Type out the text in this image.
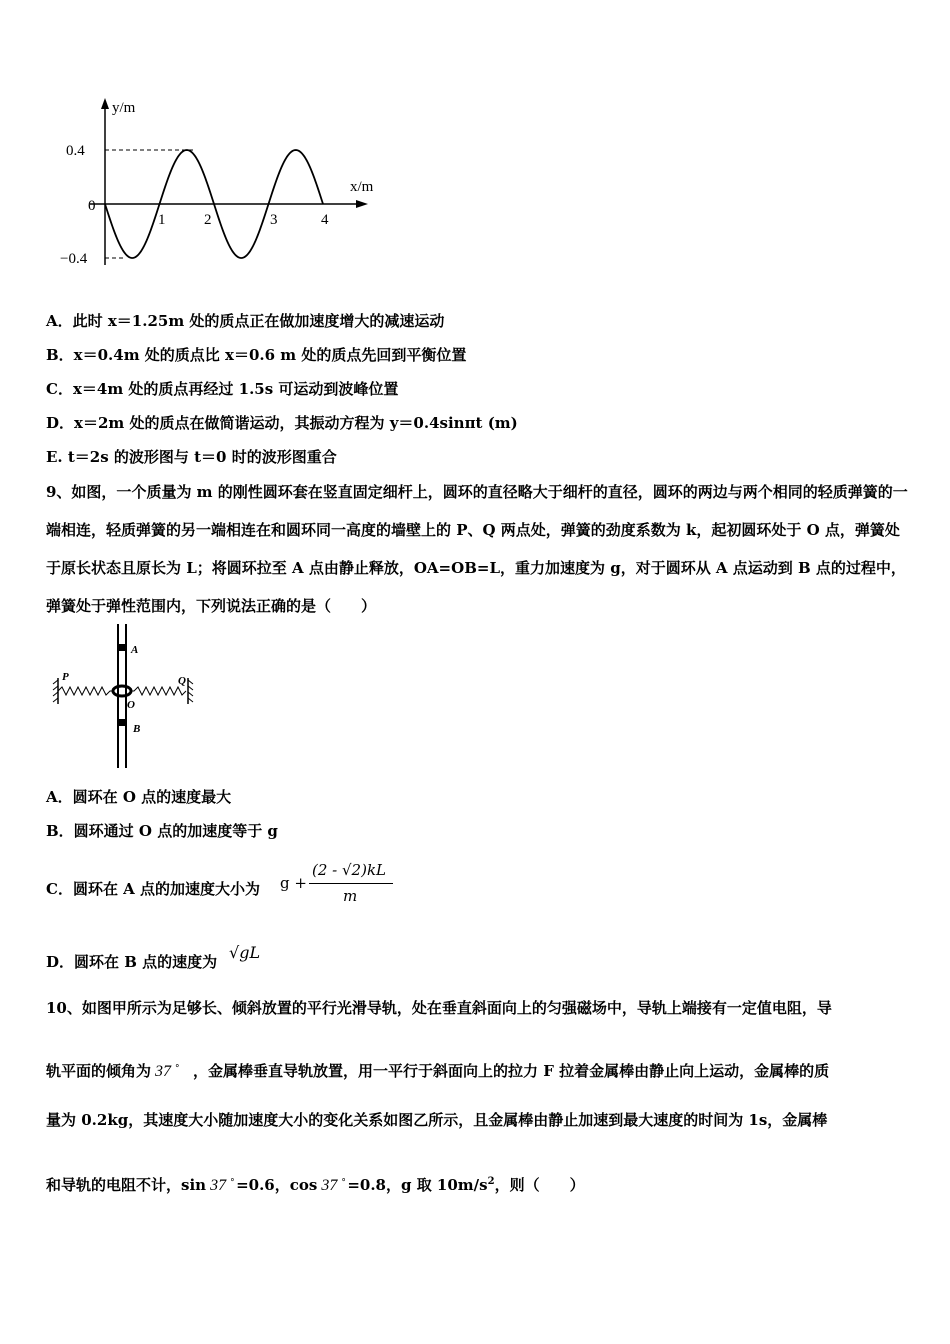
y/m
x/m
0.4
0
−0.4
1	2	3	4
A．此时 x＝1.25m 处的质点正在做加速度增大的减速运动
B．x＝0.4m 处的质点比 x＝0.6 m 处的质点先回到平衡位置
C．x＝4m 处的质点再经过 1.5s 可运动到波峰位置
D．x＝2m 处的质点在做简谐运动，其振动方程为 y＝0.4sinπt (m)
E. t＝2s 的波形图与 t＝0 时的波形图重合
9、如图，一个质量为 m 的刚性圆环套在竖直固定细杆上，圆环的直径略大于细杆的直径，圆环的两边与两个相同的轻质弹簧的一端相连，轻质弹簧的另一端相连在和圆环同一高度的墙壁上的 P、Q 两点处，弹簧的劲度系数为 k，起初圆环处于 O 点，弹簧处于原长状态且原长为 L；将圆环拉至 A 点由静止释放，OA=OB=L，重力加速度为 g，对于圆环从 A 点运动到 B 点的过程中，弹簧处于弹性范围内，下列说法正确的是（　　）
A
B
O
P	Q
A．圆环在 O 点的速度最大
B．圆环通过 O 点的加速度等于 g
C．圆环在 A 点的加速度大小为 g +
(2 - √2)kL
m
D．圆环在 B 点的速度为 √gL
10、如图甲所示为足够长、倾斜放置的平行光滑导轨，处在垂直斜面向上的匀强磁场中，导轨上端接有一定值电阻，导
轨平面的倾角为 37 ° ，金属棒垂直导轨放置，用一平行于斜面向上的拉力 F 拉着金属棒由静止向上运动，金属棒的质
量为 0.2kg，其速度大小随加速度大小的变化关系如图乙所示，且金属棒由静止加速到最大速度的时间为 1s，金属棒
和导轨的电阻不计，sin 37 ° =0.6，cos 37 ° =0.8，g 取 $10m/s^2$，则（　　）
